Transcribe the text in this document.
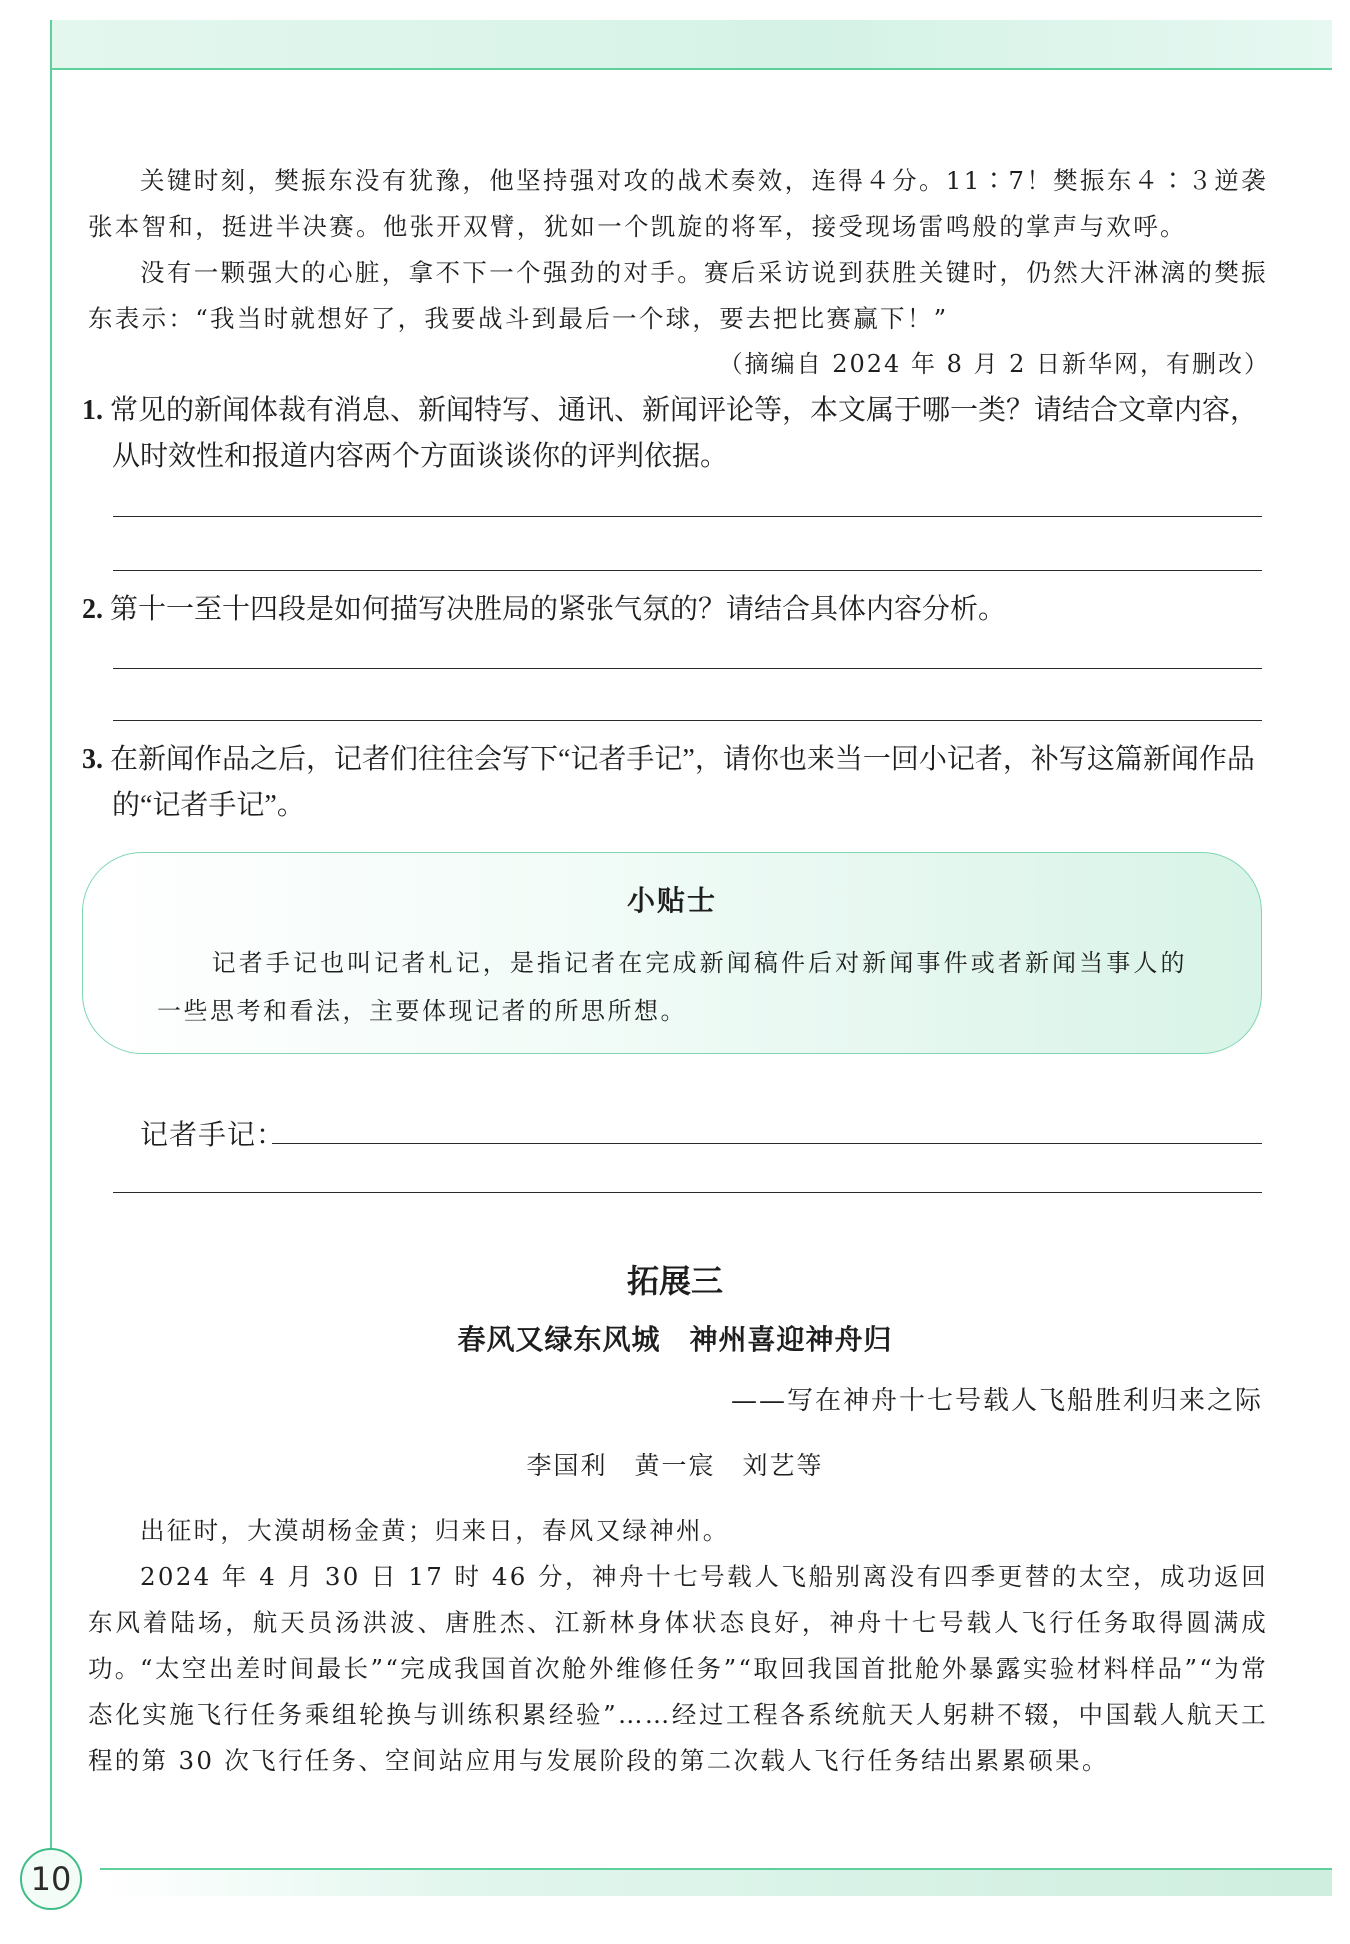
10

关键时刻，樊振东没有犹豫，他坚持强对攻的战术奏效，连得４分。11∶7！樊振东４∶３逆袭张本智和，挺进半决赛。他张开双臂，犹如一个凯旋的将军，接受现场雷鸣般的掌声与欢呼。

没有一颗强大的心脏，拿不下一个强劲的对手。赛后采访说到获胜关键时，仍然大汗淋漓的樊振东表示：“我当时就想好了，我要战斗到最后一个球，要去把比赛赢下！”

（摘编自 2024 年 8 月 2 日新华网，有删改）

1. 常见的新闻体裁有消息、新闻特写、通讯、新闻评论等，本文属于哪一类？请结合文章内容，
从时效性和报道内容两个方面谈谈你的评判依据。

2. 第十一至十四段是如何描写决胜局的紧张气氛的？请结合具体内容分析。

3. 在新闻作品之后，记者们往往会写下“记者手记”，请你也来当一回小记者，补写这篇新闻作品
的“记者手记”。

小贴士

记者手记也叫记者札记，是指记者在完成新闻稿件后对新闻事件或者新闻当事人的一些思考和看法，主要体现记者的所思所想。

记者手记：
拓展三
春风又绿东风城　神州喜迎神舟归
——写在神舟十七号载人飞船胜利归来之际
李国利　黄一宸　刘艺等

出征时，大漠胡杨金黄；归来日，春风又绿神州。

2024 年 4 月 30 日 17 时 46 分，神舟十七号载人飞船别离没有四季更替的太空，成功返回东风着陆场，航天员汤洪波、唐胜杰、江新林身体状态良好，神舟十七号载人飞行任务取得圆满成功。

“太空出差时间最长”“完成我国首次舱外维修任务”“取回我国首批舱外暴露实验材料样品”“为常态化实施飞行任务乘组轮换与训练积累经验”……经过工程各系统航天人躬耕不辍，中国载人航天工程的第 30 次飞行任务、空间站应用与发展阶段的第二次载人飞行任务结出累累硕果。
